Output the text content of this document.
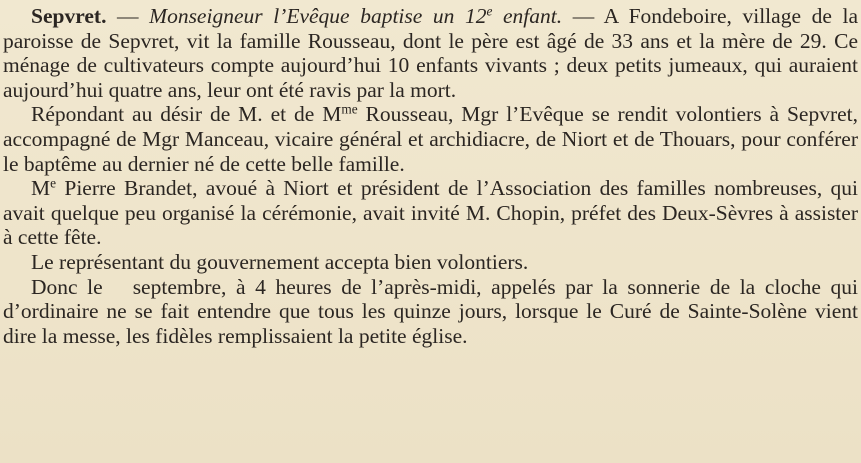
Sepvret. — Monseigneur l’Evêque baptise un 12e enfant. — A Fondeboire, village de la paroisse de Sepvret, vit la famille Rousseau, dont le père est âgé de 33 ans et la mère de 29. Ce ménage de cultivateurs compte aujourd’hui 10 enfants vivants ; deux petits jumeaux, qui auraient aujourd’hui quatre ans, leur ont été ravis par la mort.

Répondant au désir de M. et de $M^{me}$ Rousseau, Mgr l’Evêque se rendit volontiers à Sepvret, accompagné de Mgr Manceau, vicaire général et archidiacre, de Niort et de Thouars, pour conférer le baptême au dernier né de cette belle famille.

Me Pierre Brandet, avoué à Niort et président de l’Association des familles nombreuses, qui avait quelque peu organisé la cérémonie, avait invité M. Chopin, préfet des Deux-Sèvres à assister à cette fête.

Le représentant du gouvernement accepta bien volontiers.

Donc le septembre, à 4 heures de l’après-midi, appelés par la sonnerie de la cloche qui d’ordinaire ne se fait entendre que tous les quinze jours, lorsque le Curé de Sainte-Solène vient dire la messe, les fidèles remplissaient la petite église.
